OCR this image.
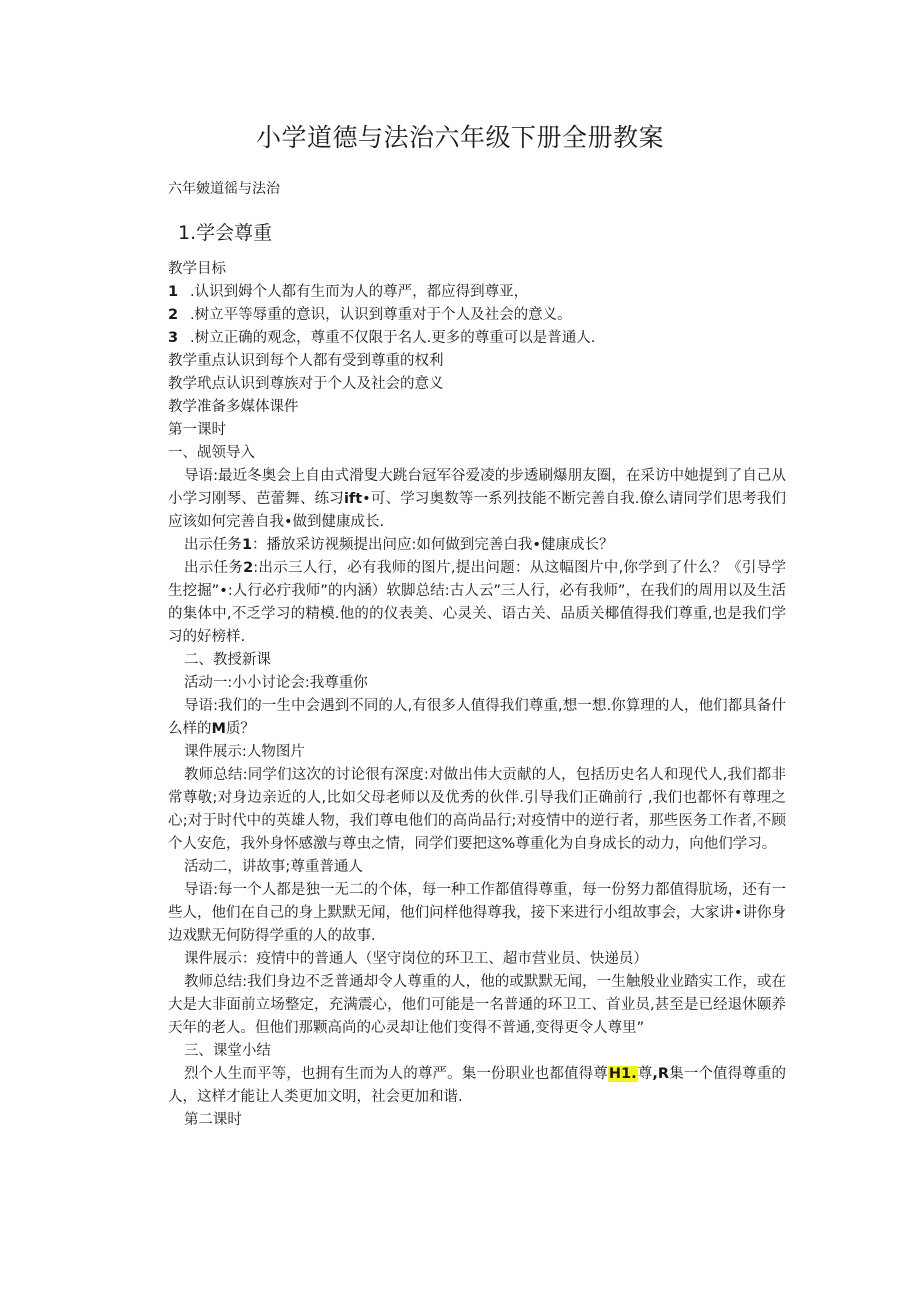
小学道德与法治六年级下册全册教案
六年皴道徭与法治
1.学会尊重
教学目标
1 .认识到姆个人都有生而为人的尊严，都应得到尊亚，
2 .树立平等辱重的意识，认识到尊重对于个人及社会的意义。
3 .树立正确的观念，尊重不仅限于名人.更多的尊重可以是普通人.
教学重点认识到每个人都有受到尊重的权利
教学玳点认识到尊族对于个人及社会的意义
教学准备多媒体课件
第一课时
一、觇领导入
导语:最近冬奥会上自由式滑叟大跳台冠军谷爱凌的步透刷爆朋友圈，在采访中她提到了自己从小学习刚琴、芭蕾舞、练习ift•可、学习奥数等一系列技能不断完善自我.僚么请同学们思考我们应该如何完善自我•做到健康成长.
出示任务1：播放采访视频提出问应:如何做到完善白我•健康成长？
出示任务2:出示三人行，必有我师的图片,提出问题：从这幅图片中,你学到了什么？《引导学生挖掘”•:人行必疔我师”的内涵）软脚总结:古人云”三人行，必有我师”，在我们的周用以及生活的集体中,不乏学习的精模.他的的仪表美、心灵关、语古关、品质关椰值得我们尊重,也是我们学习的好榜样.
二、教授新课
活动一:小小讨论会:我尊重你
导语:我们的一生中会遇到不同的人,有很多人值得我们尊重,想一想.你算理的人，他们都具备什么样的M质？
课件展示:人物图片
教师总结:同学们这次的讨论很有深度:对做出伟大贡献的人，包括历史名人和现代人,我们都非常尊敬;对身边亲近的人,比如父母老师以及优秀的伙伴.引导我们正确前行 ,我们也都怀有尊理之心;对于时代中的英雄人物，我们尊电他们的高尚品行;对疫情中的逆行者，那些医务工作者,不顾个人安危，我外身怀感激与尊虫之情，同学们要把这%尊重化为自身成长的动力，向他们学习。
活动二，讲故事;尊重普通人
导语:每一个人都是独一无二的个体，每一种工作都值得尊重，每一份努力都值得肮场，还有一些人，他们在自己的身上默默无闻，他们问样他得尊我，接下来进行小组故事会，大家讲•讲你身边戏默无何防得学重的人的故事.
课件展示：疫情中的普通人（坚守岗位的环卫工、超市营业员、快递员）
教师总结:我们身边不乏普通却令人尊重的人，他的或默默无闻，一生触般业业踏实工作，或在大是大非面前立场整定，充满震心，他们可能是一名普通的环卫工、首业员,甚至是已经退休颐养天年的老人。但他们那颗高尚的心灵却让他们变得不普通,变得更令人尊里”
三、课堂小结
烈个人生而平等，也拥有生而为人的尊严。集一份职业也都值得尊H1.尊,R集一个值得尊重的人，这样才能让人类更加文明，社会更加和谐.
第二课时
